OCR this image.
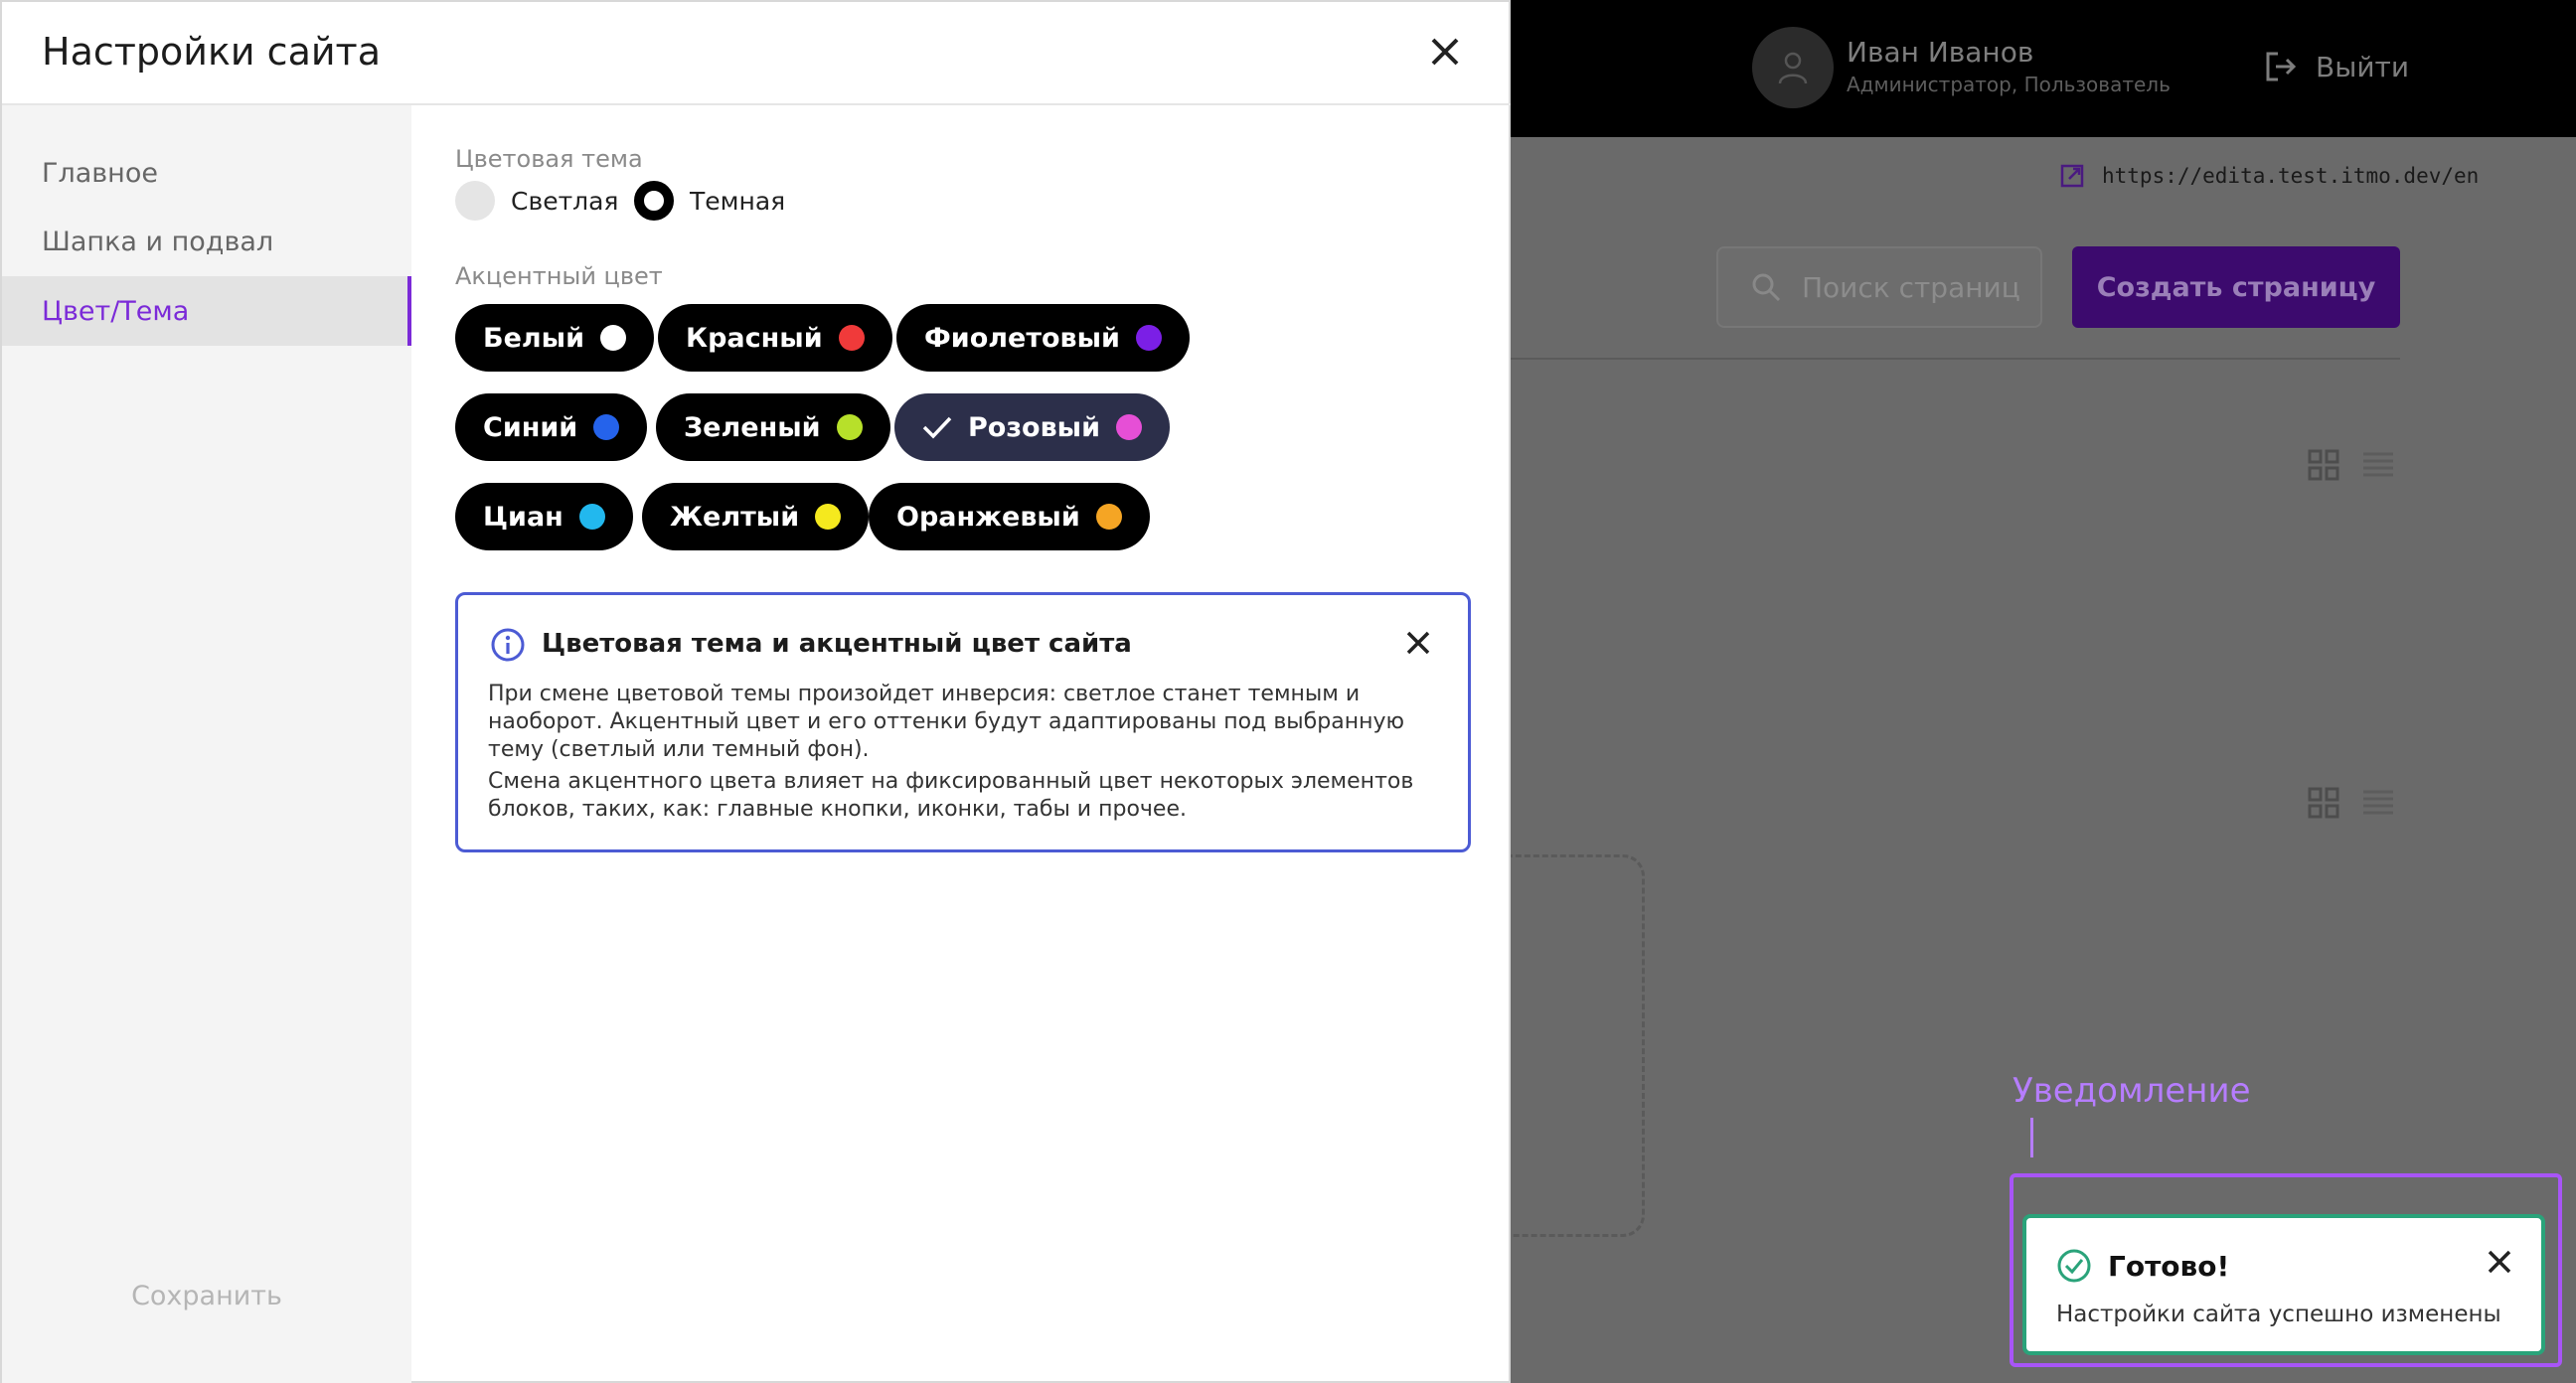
Иван Иванов
Администратор, Пользователь
Выйти
https://edita.test.itmo.dev/en
Поиск страниц	Создать страницу
Уведомление
Готово!
Настройки сайта успешно изменены
Настройки сайта
Главное
Шапка и подвал
Цвет/Тема
Сохранить
Цветовая тема
Светлая	Темная
Акцентный цвет
Белый	Красный	Фиолетовый
Синий	Зеленый	Розовый
Циан	Желтый	Оранжевый
Цветовая тема и акцентный цвет сайта

При смене цветовой темы произойдет инверсия: светлое станет темным и наоборот. Акцентный цвет и его оттенки будут адаптированы под выбранную тему (светлый или темный фон).

Смена акцентного цвета влияет на фиксированный цвет некоторых элементов блоков, таких, как: главные кнопки, иконки, табы и прочее.
